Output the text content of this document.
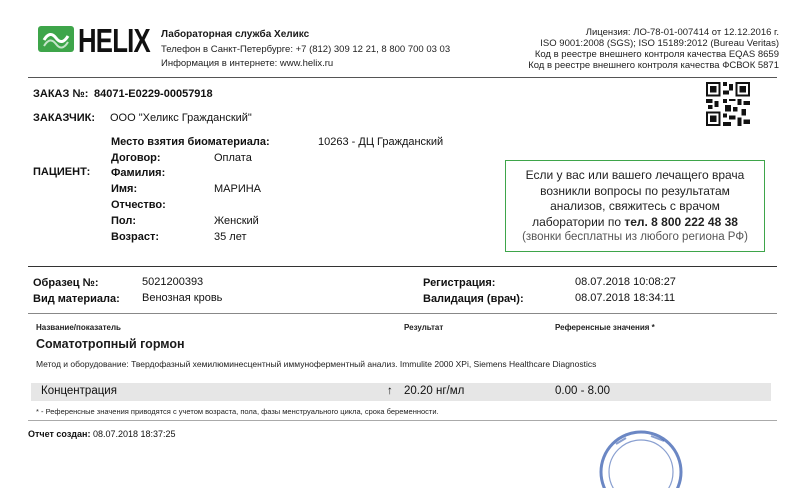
HELIX Лабораторная служба Хеликс
Телефон в Санкт-Петербурге: +7 (812) 309 12 21, 8 800 700 03 03
Информация в интернете: www.helix.ru
Лицензия: ЛО-78-01-007414 от 12.12.2016 г.
ISO 9001:2008 (SGS); ISO 15189:2012 (Bureau Veritas)
Код в реестре внешнего контроля качества EQAS 8659
Код в реестре внешнего контроля качества ФСВОК 5871
ЗАКАЗ №: 84071-E0229-00057918
ЗАКАЗЧИК: ООО "Хеликс Гражданский"
Место взятия биоматериала:	10263 - ДЦ Гражданский
Договор:	Оплата
ПАЦИЕНТ: Фамилия:
Имя:	МАРИНА
Отчество:
Пол:	Женский
Возраст:	35 лет
Если у вас или вашего лечащего врача
возникли вопросы по результатам
анализов, свяжитесь с врачом
лаборатории по тел. 8 800 222 48 38
(звонки бесплатны из любого региона РФ)
Образец №:	5021200393
Вид материала: Венозная кровь
Регистрация:	08.07.2018 10:08:27
Валидация (врач):	08.07.2018 18:34:11
Название/показатель	Результат	Референсные значения *
Соматотропный гормон
Метод и оборудование: Твердофазный хемилюминесцентный иммуноферментный анализ. Immulite 2000 XPi, Siemens Healthcare Diagnostics
Концентрация	↑ 20.20 нг/мл	0.00 - 8.00
* - Референсные значения приводятся с учетом возраста, пола, фазы менструального цикла, срока беременности.
Отчет создан: 08.07.2018 18:37:25
